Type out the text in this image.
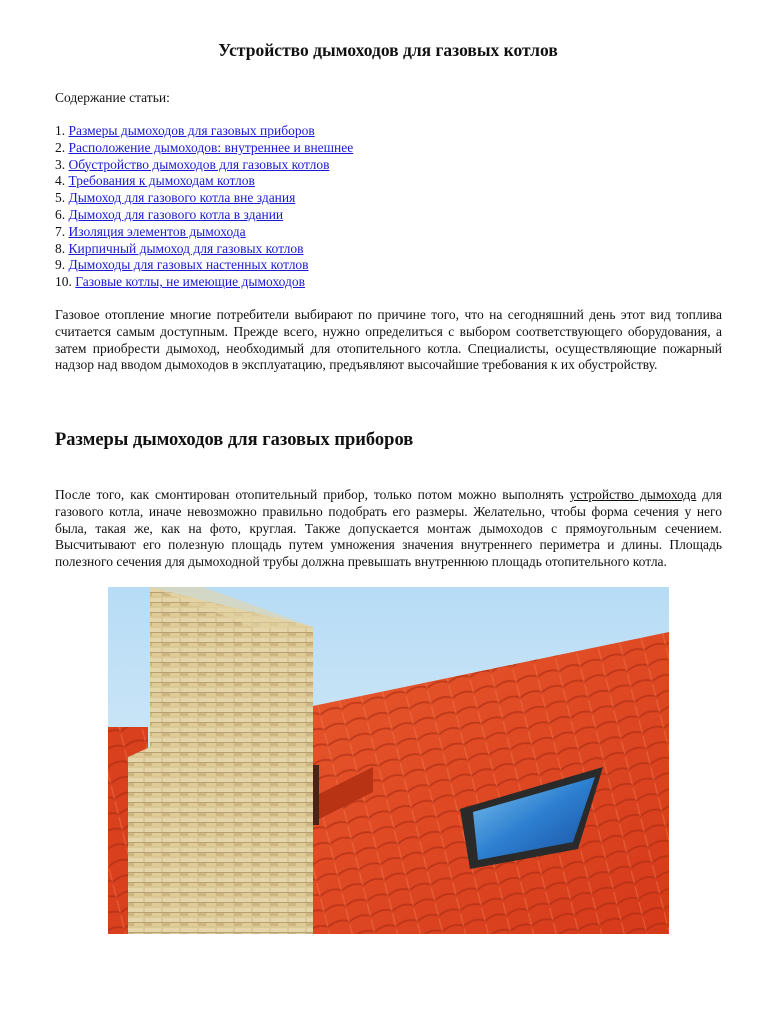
Устройство дымоходов для газовых котлов

Содержание статьи:

1. Размеры дымоходов для газовых приборов
2. Расположение дымоходов: внутреннее и внешнее
3. Обустройство дымоходов для газовых котлов
4. Требования к дымоходам котлов
5. Дымоход для газового котла вне здания
6. Дымоход для газового котла в здании
7. Изоляция элементов дымохода
8. Кирпичный дымоход для газовых котлов
9. Дымоходы для газовых настенных котлов
10. Газовые котлы, не имеющие дымоходов

Газовое отопление многие потребители выбирают по причине того, что на сегодняшний день этот вид топлива считается самым доступным. Прежде всего, нужно определиться с выбором соответствующего оборудования, а затем приобрести дымоход, необходимый для отопительного котла. Специалисты, осуществляющие пожарный надзор над вводом дымоходов в эксплуатацию, предъявляют высочайшие требования к их обустройству.

Размеры дымоходов для газовых приборов

После того, как смонтирован отопительный прибор, только потом можно выполнять устройство дымохода для газового котла, иначе невозможно правильно подобрать его размеры. Желательно, чтобы форма сечения у него была, такая же, как на фото, круглая. Также допускается монтаж дымоходов с прямоугольным сечением. Высчитывают его полезную площадь путем умножения значения внутреннего периметра и длины. Площадь полезного сечения для дымоходной трубы должна превышать внутреннюю площадь отопительного котла.
